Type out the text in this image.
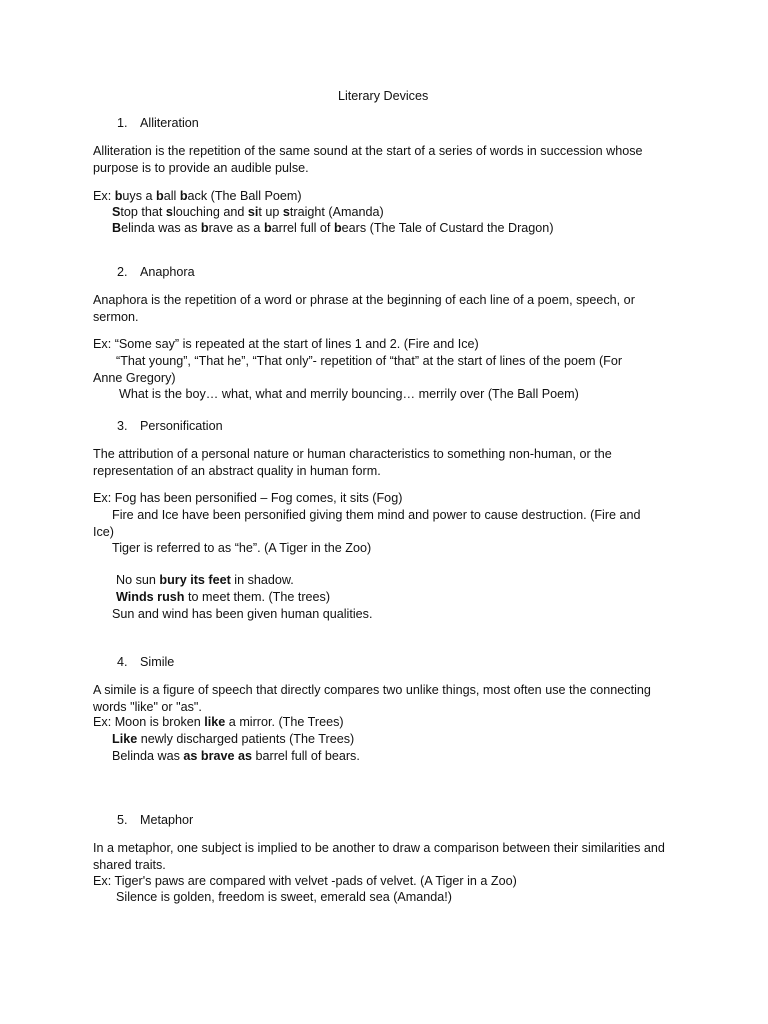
Literary Devices
1. Alliteration
Alliteration is the repetition of the same sound at the start of a series of words in succession whose purpose is to provide an audible pulse.
Ex: buys a ball back (The Ball Poem)
Stop that slouching and sit up straight (Amanda)
Belinda was as brave as a barrel full of bears (The Tale of Custard the Dragon)
2. Anaphora
Anaphora is the repetition of a word or phrase at the beginning of each line of a poem, speech, or sermon.
Ex: “Some say” is repeated at the start of lines 1 and 2. (Fire and Ice)
“That young”, “That he”, “That only”- repetition of “that” at the start of lines of the poem (For
Anne Gregory)
What is the boy… what, what and merrily bouncing… merrily over (The Ball Poem)
3. Personification
The attribution of a personal nature or human characteristics to something non-human, or the representation of an abstract quality in human form.
Ex: Fog has been personified – Fog comes, it sits (Fog)
Fire and Ice have been personified giving them mind and power to cause destruction. (Fire and
Ice)
Tiger is referred to as “he”. (A Tiger in the Zoo)
No sun bury its feet in shadow.
Winds rush to meet them. (The trees)
Sun and wind has been given human qualities.
4. Simile
A simile is a figure of speech that directly compares two unlike things, most often use the connecting words "like" or "as".
Ex: Moon is broken like a mirror. (The Trees)
Like newly discharged patients (The Trees)
Belinda was as brave as barrel full of bears.
5. Metaphor
In a metaphor, one subject is implied to be another to draw a comparison between their similarities and shared traits.
Ex: Tiger's paws are compared with velvet -pads of velvet. (A Tiger in a Zoo)
Silence is golden, freedom is sweet, emerald sea (Amanda!)
